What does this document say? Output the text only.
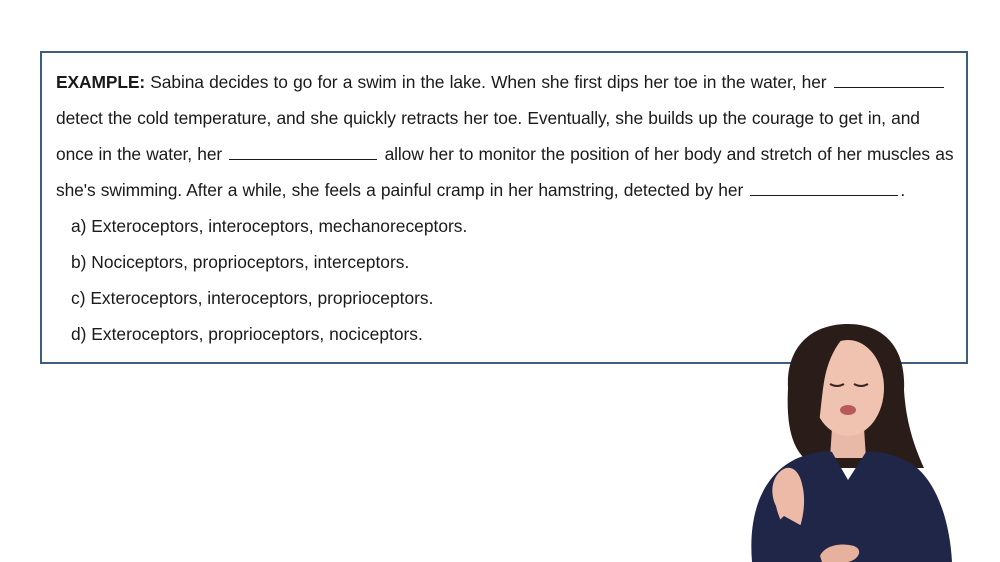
EXAMPLE: Sabina decides to go for a swim in the lake. When she first dips her toe in the water, her  detect the cold temperature, and she quickly retracts her toe. Eventually, she builds up the courage to get in, and once in the water, her	allow her to monitor the position of her body and stretch of her muscles as she's swimming. After a while, she feels a painful cramp in her hamstring, detected by her	.

a) Exteroceptors, interoceptors, mechanoreceptors.
b) Nociceptors, proprioceptors, interceptors.
c) Exteroceptors, interoceptors, proprioceptors.
d) Exteroceptors, proprioceptors, nociceptors.
